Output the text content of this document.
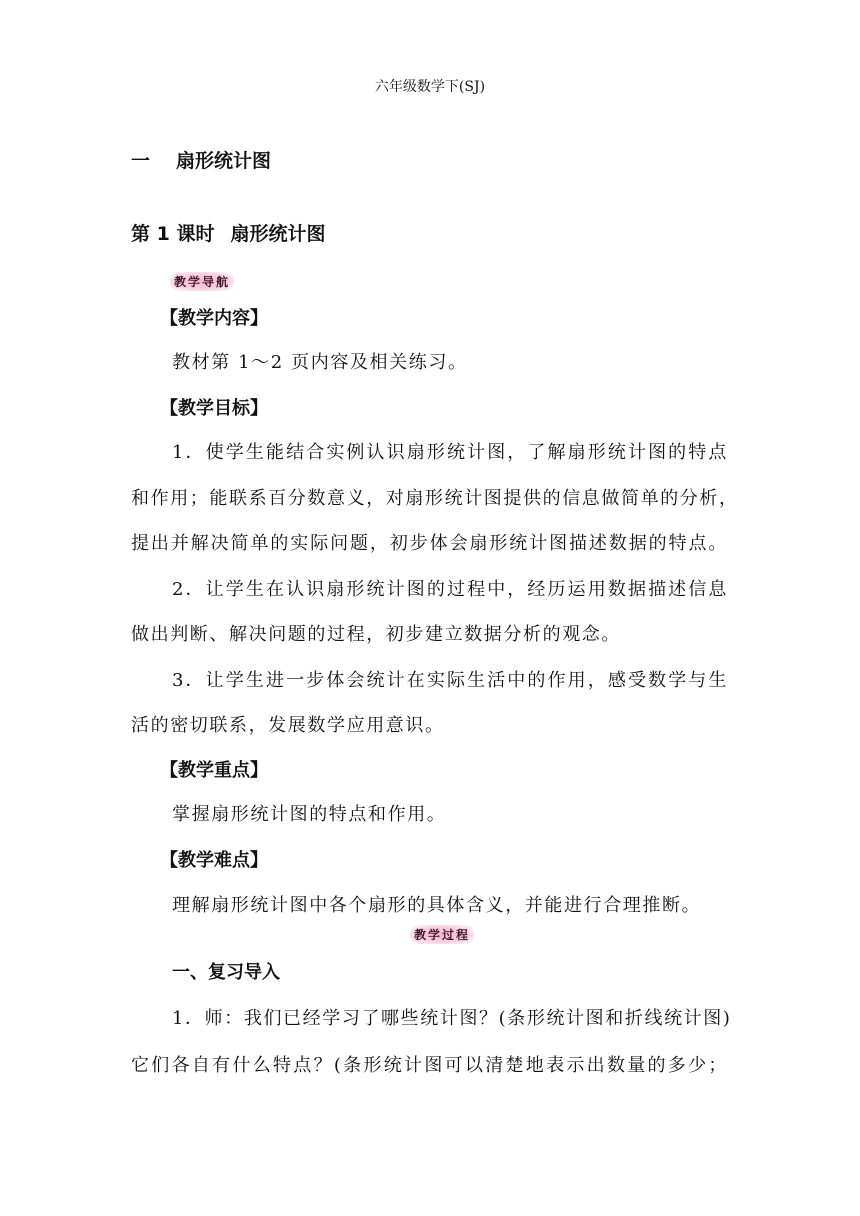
六年级数学下(SJ)
一 扇形统计图
第 1 课时 扇形统计图
教学导航
【教学内容】
教材第 1～2 页内容及相关练习。
【教学目标】
1．使学生能结合实例认识扇形统计图，了解扇形统计图的特点
和作用；能联系百分数意义，对扇形统计图提供的信息做简单的分析，
提出并解决简单的实际问题，初步体会扇形统计图描述数据的特点。
2．让学生在认识扇形统计图的过程中，经历运用数据描述信息
做出判断、解决问题的过程，初步建立数据分析的观念。
3．让学生进一步体会统计在实际生活中的作用，感受数学与生
活的密切联系，发展数学应用意识。
【教学重点】
掌握扇形统计图的特点和作用。
【教学难点】
理解扇形统计图中各个扇形的具体含义，并能进行合理推断。
教学过程
一、复习导入
1．师：我们已经学习了哪些统计图？(条形统计图和折线统计图)
它们各自有什么特点？(条形统计图可以清楚地表示出数量的多少；
